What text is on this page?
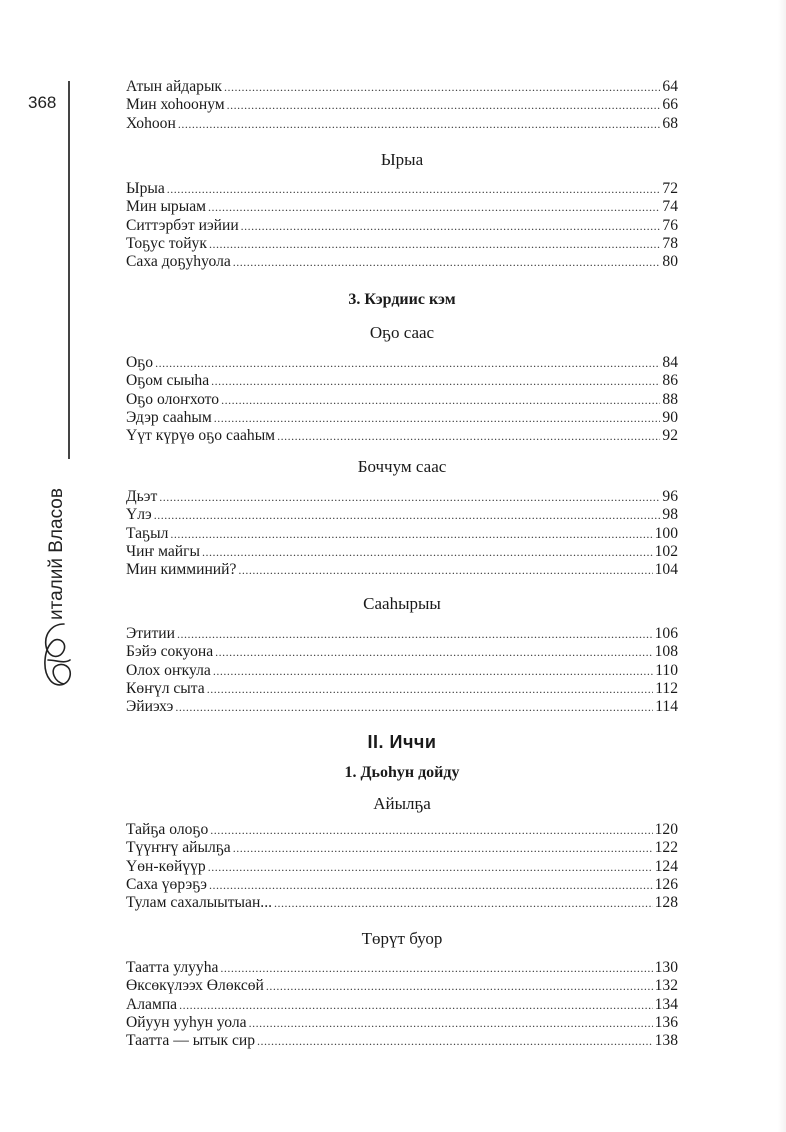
368
италий Власов
Атын айдарык .....	64
Мин хоһоонум .....	66
Хоһоон .....	68
Ырыа
Ырыа .....	72
Мин ырыам .....	74
Ситтэрбэт иэйии .....	76
Тоҕус тойук .....	78
Саха доҕуһуола .....	80
3. Кэрдиис кэм
Оҕо саас
Оҕо .....	84
Оҕом сыыһа .....	86
Оҕо олоҥхото .....	88
Эдэр сааһым .....	90
Үүт күрүө оҕо сааһым .....	92
Боччум саас
Дьэт .....	96
Үлэ .....	98
Таҕыл .....	100
Чиҥ майгы .....	102
Мин кимминий? .....	104
Сааһырыы
Этитии .....	106
Бэйэ сокуона .....	108
Олох оҥкула .....	110
Көҥүл сыта .....	112
Эйиэхэ .....	114
II. Иччи
1. Дьоһун дойду
Айылҕа
Тайҕа олоҕо .....	120
Түүҥҥү айылҕа .....	122
Үөн-көйүүр .....	124
Саха үөрэҕэ .....	126
Тулам сахалыытыан... .....	128
Төрүт буор
Таатта улууһа .....	130
Өксөкүлээх Өлөксөй .....	132
Алампа .....	134
Ойуун ууһун уола .....	136
Таатта — ытык сир .....	138
